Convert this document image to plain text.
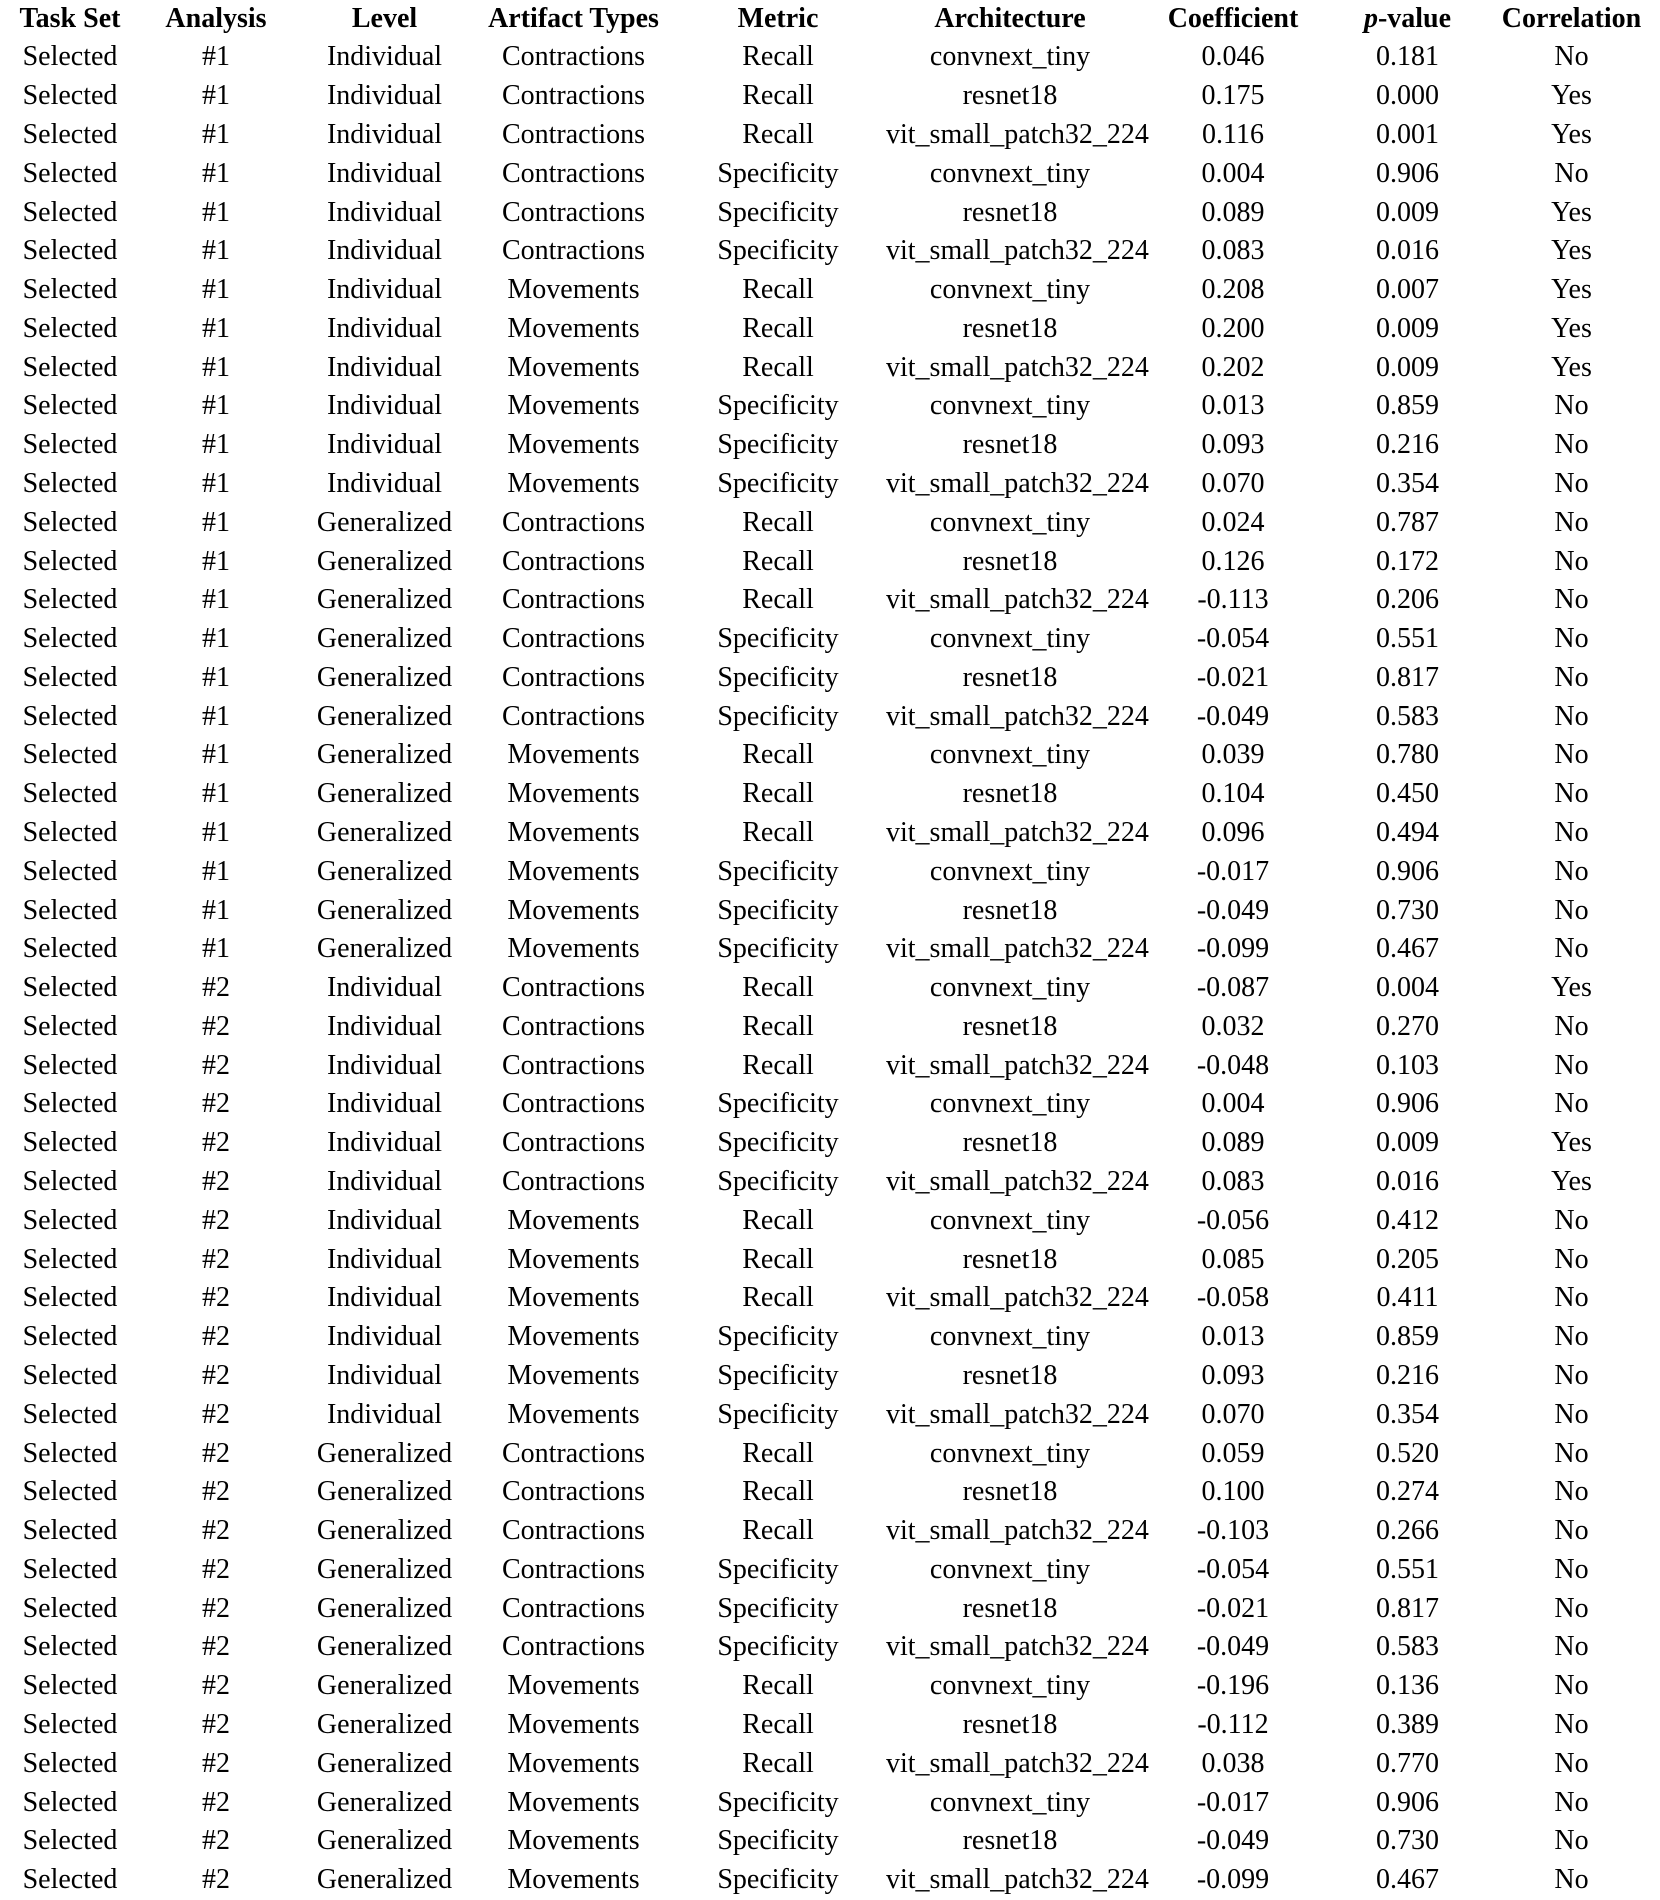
Task Set	Analysis	Level	Artifact Types	Metric	Architecture	Coefficient	p-value	Correlation
Selected	#1	Individual	Contractions	Recall	convnext_tiny	0.046	0.181	No
Selected	#1	Individual	Contractions	Recall	resnet18	0.175	0.000	Yes
Selected	#1	Individual	Contractions	Recall	vit_small_patch32_224	0.116	0.001	Yes
Selected	#1	Individual	Contractions	Specificity	convnext_tiny	0.004	0.906	No
Selected	#1	Individual	Contractions	Specificity	resnet18	0.089	0.009	Yes
Selected	#1	Individual	Contractions	Specificity	vit_small_patch32_224	0.083	0.016	Yes
Selected	#1	Individual	Movements	Recall	convnext_tiny	0.208	0.007	Yes
Selected	#1	Individual	Movements	Recall	resnet18	0.200	0.009	Yes
Selected	#1	Individual	Movements	Recall	vit_small_patch32_224	0.202	0.009	Yes
Selected	#1	Individual	Movements	Specificity	convnext_tiny	0.013	0.859	No
Selected	#1	Individual	Movements	Specificity	resnet18	0.093	0.216	No
Selected	#1	Individual	Movements	Specificity	vit_small_patch32_224	0.070	0.354	No
Selected	#1	Generalized	Contractions	Recall	convnext_tiny	0.024	0.787	No
Selected	#1	Generalized	Contractions	Recall	resnet18	0.126	0.172	No
Selected	#1	Generalized	Contractions	Recall	vit_small_patch32_224	-0.113	0.206	No
Selected	#1	Generalized	Contractions	Specificity	convnext_tiny	-0.054	0.551	No
Selected	#1	Generalized	Contractions	Specificity	resnet18	-0.021	0.817	No
Selected	#1	Generalized	Contractions	Specificity	vit_small_patch32_224	-0.049	0.583	No
Selected	#1	Generalized	Movements	Recall	convnext_tiny	0.039	0.780	No
Selected	#1	Generalized	Movements	Recall	resnet18	0.104	0.450	No
Selected	#1	Generalized	Movements	Recall	vit_small_patch32_224	0.096	0.494	No
Selected	#1	Generalized	Movements	Specificity	convnext_tiny	-0.017	0.906	No
Selected	#1	Generalized	Movements	Specificity	resnet18	-0.049	0.730	No
Selected	#1	Generalized	Movements	Specificity	vit_small_patch32_224	-0.099	0.467	No
Selected	#2	Individual	Contractions	Recall	convnext_tiny	-0.087	0.004	Yes
Selected	#2	Individual	Contractions	Recall	resnet18	0.032	0.270	No
Selected	#2	Individual	Contractions	Recall	vit_small_patch32_224	-0.048	0.103	No
Selected	#2	Individual	Contractions	Specificity	convnext_tiny	0.004	0.906	No
Selected	#2	Individual	Contractions	Specificity	resnet18	0.089	0.009	Yes
Selected	#2	Individual	Contractions	Specificity	vit_small_patch32_224	0.083	0.016	Yes
Selected	#2	Individual	Movements	Recall	convnext_tiny	-0.056	0.412	No
Selected	#2	Individual	Movements	Recall	resnet18	0.085	0.205	No
Selected	#2	Individual	Movements	Recall	vit_small_patch32_224	-0.058	0.411	No
Selected	#2	Individual	Movements	Specificity	convnext_tiny	0.013	0.859	No
Selected	#2	Individual	Movements	Specificity	resnet18	0.093	0.216	No
Selected	#2	Individual	Movements	Specificity	vit_small_patch32_224	0.070	0.354	No
Selected	#2	Generalized	Contractions	Recall	convnext_tiny	0.059	0.520	No
Selected	#2	Generalized	Contractions	Recall	resnet18	0.100	0.274	No
Selected	#2	Generalized	Contractions	Recall	vit_small_patch32_224	-0.103	0.266	No
Selected	#2	Generalized	Contractions	Specificity	convnext_tiny	-0.054	0.551	No
Selected	#2	Generalized	Contractions	Specificity	resnet18	-0.021	0.817	No
Selected	#2	Generalized	Contractions	Specificity	vit_small_patch32_224	-0.049	0.583	No
Selected	#2	Generalized	Movements	Recall	convnext_tiny	-0.196	0.136	No
Selected	#2	Generalized	Movements	Recall	resnet18	-0.112	0.389	No
Selected	#2	Generalized	Movements	Recall	vit_small_patch32_224	0.038	0.770	No
Selected	#2	Generalized	Movements	Specificity	convnext_tiny	-0.017	0.906	No
Selected	#2	Generalized	Movements	Specificity	resnet18	-0.049	0.730	No
Selected	#2	Generalized	Movements	Specificity	vit_small_patch32_224	-0.099	0.467	No
